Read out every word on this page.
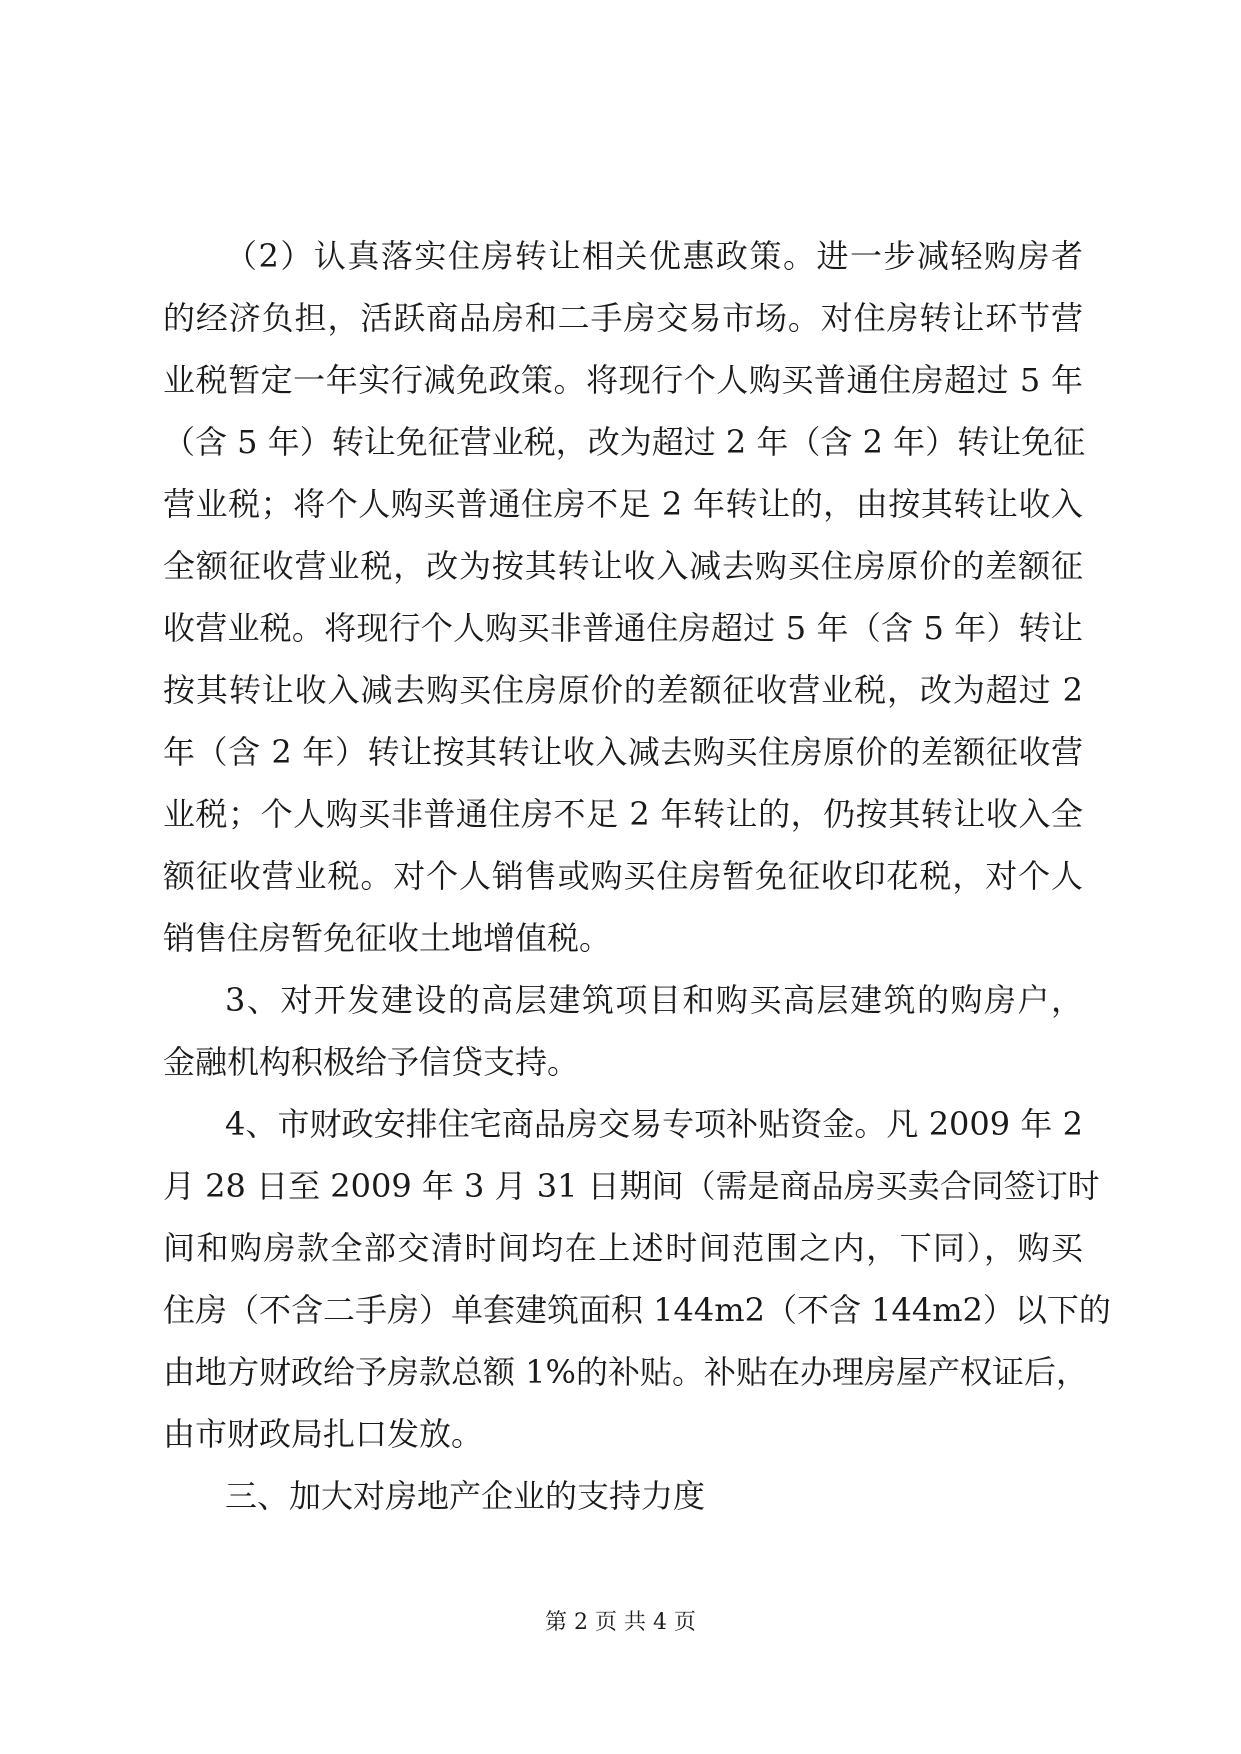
（2）认真落实住房转让相关优惠政策。进一步减轻购房者
的经济负担，活跃商品房和二手房交易市场。对住房转让环节营
业税暂定一年实行减免政策。将现行个人购买普通住房超过 5 年
（含 5 年）转让免征营业税，改为超过 2 年（含 2 年）转让免征
营业税；将个人购买普通住房不足 2 年转让的，由按其转让收入
全额征收营业税，改为按其转让收入减去购买住房原价的差额征
收营业税。将现行个人购买非普通住房超过 5 年（含 5 年）转让
按其转让收入减去购买住房原价的差额征收营业税，改为超过 2
年（含 2 年）转让按其转让收入减去购买住房原价的差额征收营
业税；个人购买非普通住房不足 2 年转让的，仍按其转让收入全
额征收营业税。对个人销售或购买住房暂免征收印花税，对个人
销售住房暂免征收土地增值税。
3、对开发建设的高层建筑项目和购买高层建筑的购房户，
金融机构积极给予信贷支持。
4、市财政安排住宅商品房交易专项补贴资金。凡 2009 年 2
月 28 日至 2009 年 3 月 31 日期间（需是商品房买卖合同签订时
间和购房款全部交清时间均在上述时间范围之内，下同），购买
住房（不含二手房）单套建筑面积 144m2（不含 144m2）以下的
由地方财政给予房款总额 1%的补贴。补贴在办理房屋产权证后，
由市财政局扎口发放。
三、加大对房地产企业的支持力度
第 2 页 共 4 页
